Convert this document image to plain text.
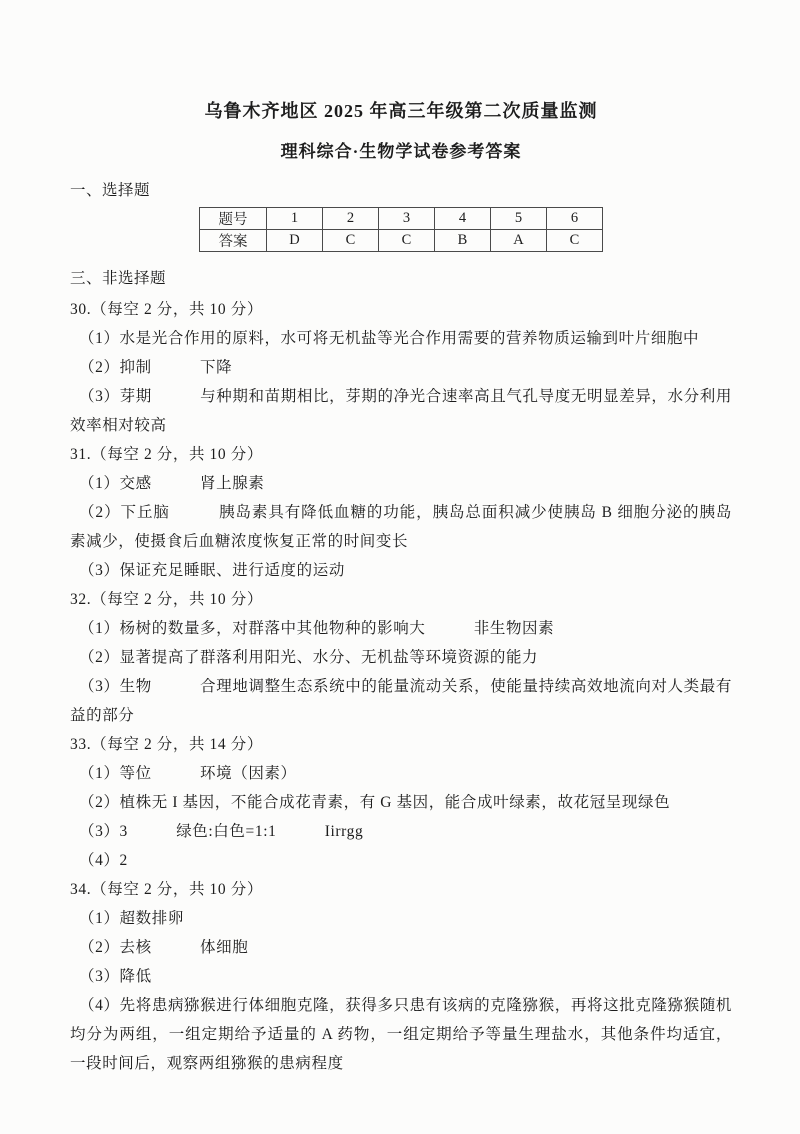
乌鲁木齐地区 2025 年高三年级第二次质量监测
理科综合·生物学试卷参考答案
一、选择题
题号	1	2	3	4	5	6
答案	D	C	C	B	A	C
三、非选择题

30.（每空 2 分，共 10 分）

（1）水是光合作用的原料，水可将无机盐等光合作用需要的营养物质运输到叶片细胞中

（2）抑制　　　下降

（3）芽期　　　与种期和苗期相比，芽期的净光合速率高且气孔导度无明显差异，水分利用效率相对较高

31.（每空 2 分，共 10 分）

（1）交感　　　肾上腺素

（2）下丘脑　　　胰岛素具有降低血糖的功能，胰岛总面积减少使胰岛 B 细胞分泌的胰岛素减少，使摄食后血糖浓度恢复正常的时间变长

（3）保证充足睡眠、进行适度的运动

32.（每空 2 分，共 10 分）

（1）杨树的数量多，对群落中其他物种的影响大　　　非生物因素

（2）显著提高了群落利用阳光、水分、无机盐等环境资源的能力

（3）生物　　　合理地调整生态系统中的能量流动关系，使能量持续高效地流向对人类最有益的部分

33.（每空 2 分，共 14 分）

（1）等位　　　环境（因素）

（2）植株无 I 基因，不能合成花青素，有 G 基因，能合成叶绿素，故花冠呈现绿色

（3）3　　　绿色:白色=1:1　　　Iirrgg

（4）2

34.（每空 2 分，共 10 分）

（1）超数排卵

（2）去核　　　体细胞

（3）降低

（4）先将患病猕猴进行体细胞克隆，获得多只患有该病的克隆猕猴，再将这批克隆猕猴随机均分为两组，一组定期给予适量的 A 药物，一组定期给予等量生理盐水，其他条件均适宜，一段时间后，观察两组猕猴的患病程度
